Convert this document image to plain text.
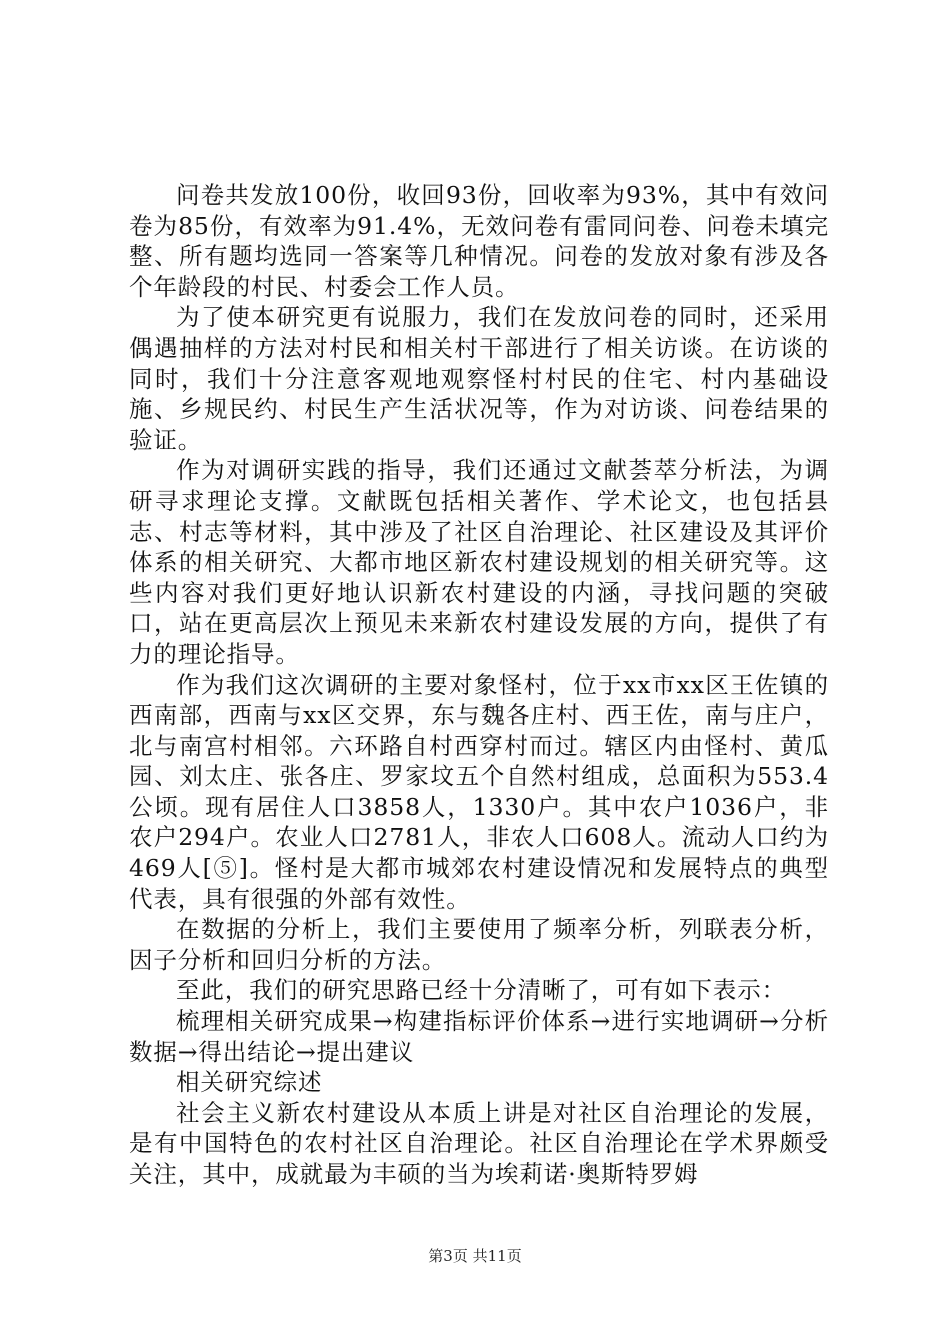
问卷共发放100份，收回93份，回收率为93%，其中有效问卷为85份，有效率为91.4%，无效问卷有雷同问卷、问卷未填完整、所有题均选同一答案等几种情况。问卷的发放对象有涉及各个年龄段的村民、村委会工作人员。

为了使本研究更有说服力，我们在发放问卷的同时，还采用偶遇抽样的方法对村民和相关村干部进行了相关访谈。在访谈的同时，我们十分注意客观地观察怪村村民的住宅、村内基础设施、乡规民约、村民生产生活状况等，作为对访谈、问卷结果的验证。

作为对调研实践的指导，我们还通过文献荟萃分析法，为调研寻求理论支撑。文献既包括相关著作、学术论文，也包括县志、村志等材料，其中涉及了社区自治理论、社区建设及其评价体系的相关研究、大都市地区新农村建设规划的相关研究等。这些内容对我们更好地认识新农村建设的内涵，寻找问题的突破口，站在更高层次上预见未来新农村建设发展的方向，提供了有力的理论指导。

作为我们这次调研的主要对象怪村，位于xx市xx区王佐镇的西南部，西南与xx区交界，东与魏各庄村、西王佐，南与庄户，北与南宫村相邻。六环路自村西穿村而过。辖区内由怪村、黄瓜园、刘太庄、张各庄、罗家坟五个自然村组成，总面积为553.4公顷。现有居住人口3858人，1330户。其中农户1036户，非农户294户。农业人口2781人，非农人口608人。流动人口约为469人[⑤]。怪村是大都市城郊农村建设情况和发展特点的典型代表，具有很强的外部有效性。

在数据的分析上，我们主要使用了频率分析，列联表分析，因子分析和回归分析的方法。

至此，我们的研究思路已经十分清晰了，可有如下表示：

梳理相关研究成果→构建指标评价体系→进行实地调研→分析数据→得出结论→提出建议

相关研究综述

社会主义新农村建设从本质上讲是对社区自治理论的发展，是有中国特色的农村社区自治理论。社区自治理论在学术界颇受关注，其中，成就最为丰硕的当为埃莉诺·奥斯特罗姆

第3页 共11页
